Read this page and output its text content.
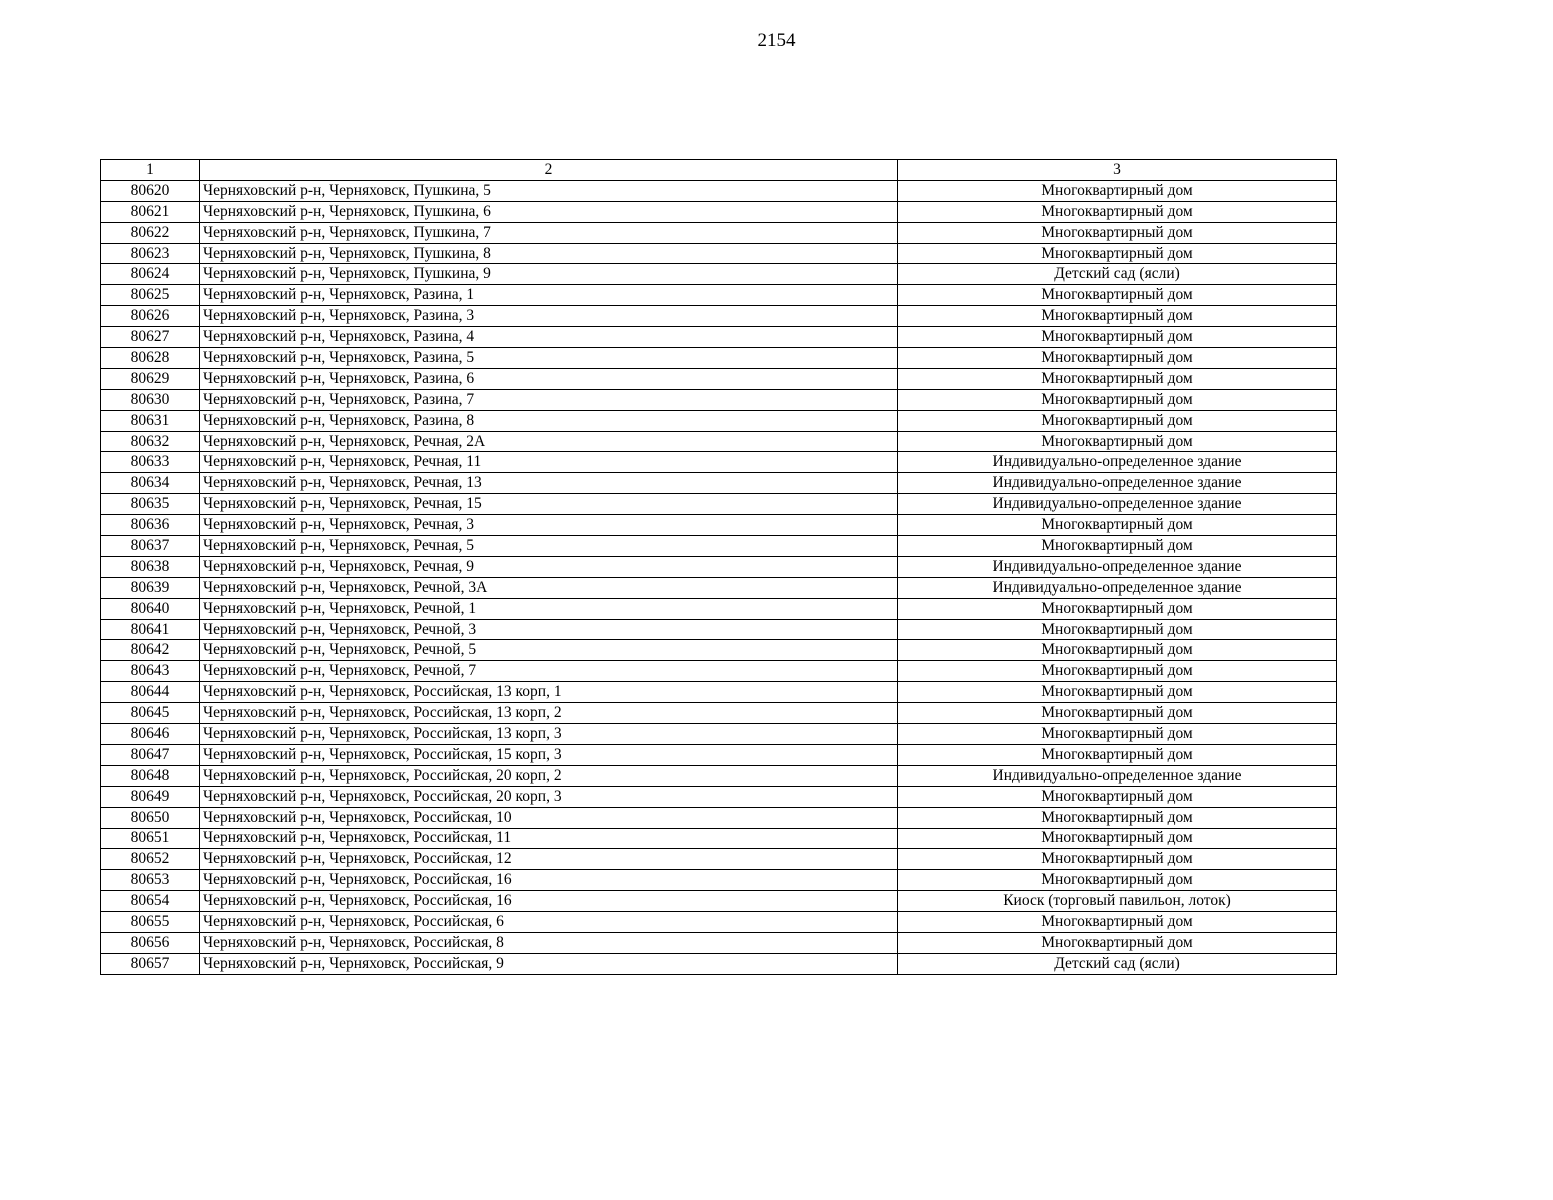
2154
1	2	3
80620	Черняховский р-н, Черняховск, Пушкина, 5	Многоквартирный дом
80621	Черняховский р-н, Черняховск, Пушкина, 6	Многоквартирный дом
80622	Черняховский р-н, Черняховск, Пушкина, 7	Многоквартирный дом
80623	Черняховский р-н, Черняховск, Пушкина, 8	Многоквартирный дом
80624	Черняховский р-н, Черняховск, Пушкина, 9	Детский сад (ясли)
80625	Черняховский р-н, Черняховск, Разина, 1	Многоквартирный дом
80626	Черняховский р-н, Черняховск, Разина, 3	Многоквартирный дом
80627	Черняховский р-н, Черняховск, Разина, 4	Многоквартирный дом
80628	Черняховский р-н, Черняховск, Разина, 5	Многоквартирный дом
80629	Черняховский р-н, Черняховск, Разина, 6	Многоквартирный дом
80630	Черняховский р-н, Черняховск, Разина, 7	Многоквартирный дом
80631	Черняховский р-н, Черняховск, Разина, 8	Многоквартирный дом
80632	Черняховский р-н, Черняховск, Речная, 2А	Многоквартирный дом
80633	Черняховский р-н, Черняховск, Речная, 11	Индивидуально-определенное здание
80634	Черняховский р-н, Черняховск, Речная, 13	Индивидуально-определенное здание
80635	Черняховский р-н, Черняховск, Речная, 15	Индивидуально-определенное здание
80636	Черняховский р-н, Черняховск, Речная, 3	Многоквартирный дом
80637	Черняховский р-н, Черняховск, Речная, 5	Многоквартирный дом
80638	Черняховский р-н, Черняховск, Речная, 9	Индивидуально-определенное здание
80639	Черняховский р-н, Черняховск, Речной, 3А	Индивидуально-определенное здание
80640	Черняховский р-н, Черняховск, Речной, 1	Многоквартирный дом
80641	Черняховский р-н, Черняховск, Речной, 3	Многоквартирный дом
80642	Черняховский р-н, Черняховск, Речной, 5	Многоквартирный дом
80643	Черняховский р-н, Черняховск, Речной, 7	Многоквартирный дом
80644	Черняховский р-н, Черняховск, Российская, 13 корп, 1	Многоквартирный дом
80645	Черняховский р-н, Черняховск, Российская, 13 корп, 2	Многоквартирный дом
80646	Черняховский р-н, Черняховск, Российская, 13 корп, 3	Многоквартирный дом
80647	Черняховский р-н, Черняховск, Российская, 15 корп, 3	Многоквартирный дом
80648	Черняховский р-н, Черняховск, Российская, 20 корп, 2	Индивидуально-определенное здание
80649	Черняховский р-н, Черняховск, Российская, 20 корп, 3	Многоквартирный дом
80650	Черняховский р-н, Черняховск, Российская, 10	Многоквартирный дом
80651	Черняховский р-н, Черняховск, Российская, 11	Многоквартирный дом
80652	Черняховский р-н, Черняховск, Российская, 12	Многоквартирный дом
80653	Черняховский р-н, Черняховск, Российская, 16	Многоквартирный дом
80654	Черняховский р-н, Черняховск, Российская, 16	Киоск (торговый павильон, лоток)
80655	Черняховский р-н, Черняховск, Российская, 6	Многоквартирный дом
80656	Черняховский р-н, Черняховск, Российская, 8	Многоквартирный дом
80657	Черняховский р-н, Черняховск, Российская, 9	Детский сад (ясли)
